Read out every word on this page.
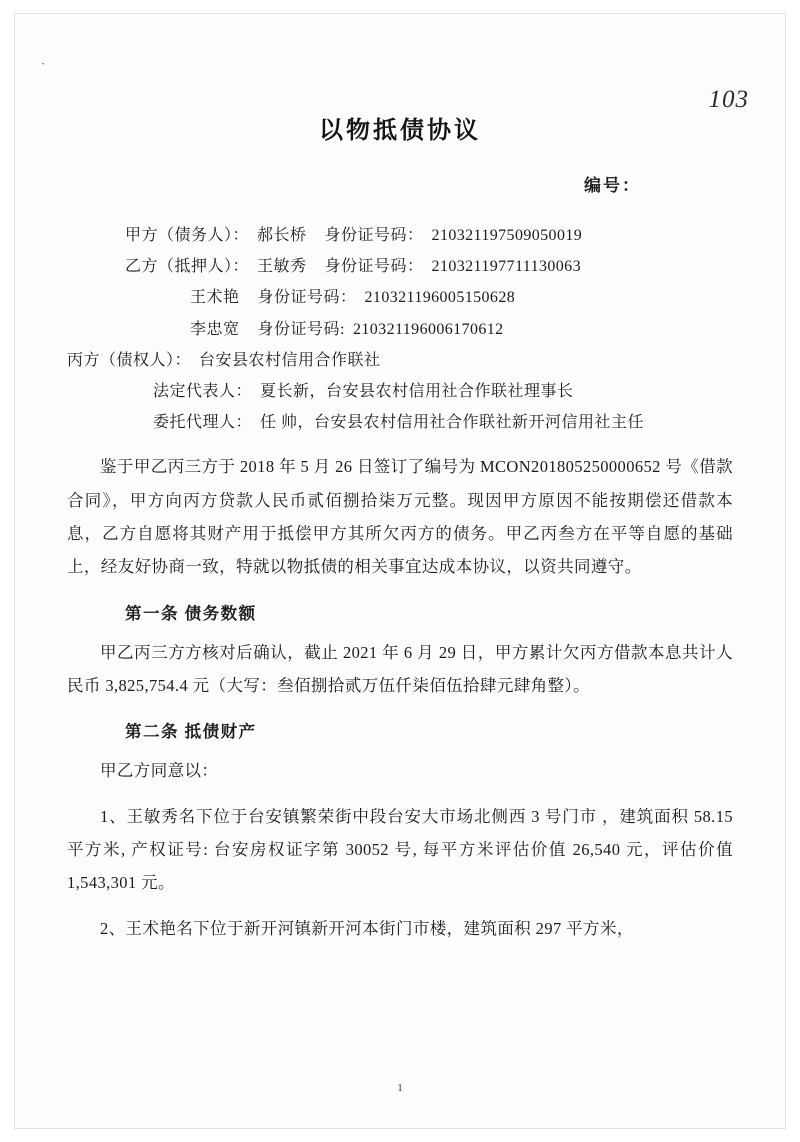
·
103
以物抵债协议
编号：
甲方（债务人）： 郝长桥 身份证号码： 210321197509050019
乙方（抵押人）： 王敏秀 身份证号码： 210321197711130063
王术艳 身份证号码： 210321196005150628
李忠宽 身份证号码: 210321196006170612
丙方（债权人）： 台安县农村信用合作联社
法定代表人： 夏长新，台安县农村信用社合作联社理事长
委托代理人： 任 帅，台安县农村信用社合作联社新开河信用社主任
鉴于甲乙丙三方于 2018 年 5 月 26 日签订了编号为 MCON201805250000652 号《借款合同》，甲方向丙方贷款人民币贰佰捌拾柒万元整。现因甲方原因不能按期偿还借款本息，乙方自愿将其财产用于抵偿甲方其所欠丙方的债务。甲乙丙叁方在平等自愿的基础上，经友好协商一致，特就以物抵债的相关事宜达成本协议，以资共同遵守。
第一条 债务数额
甲乙丙三方方核对后确认，截止 2021 年 6 月 29 日，甲方累计欠丙方借款本息共计人民币 3,825,754.4 元（大写：叁佰捌拾贰万伍仟柒佰伍拾肆元肆角整）。
第二条 抵债财产
甲乙方同意以：
1、王敏秀名下位于台安镇繁荣街中段台安大市场北侧西 3 号门市 ，建筑面积 58.15 平方米, 产权证号: 台安房权证字第 30052 号, 每平方米评估价值 26,540 元，评估价值 1,543,301 元。
2、王术艳名下位于新开河镇新开河本街门市楼，建筑面积 297 平方米，
1
